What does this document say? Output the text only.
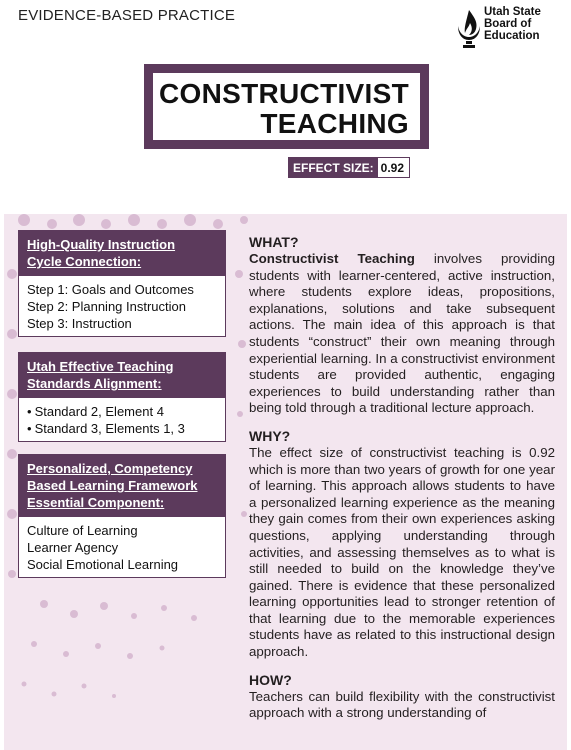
EVIDENCE-BASED PRACTICE	Utah State
Board of
Education
CONSTRUCTIVIST
TEACHING
EFFECT SIZE: 0.92
High-Quality Instruction
Cycle Connection:
Step 1: Goals and Outcomes
Step 2: Planning Instruction
Step 3: Instruction
Utah Effective Teaching
Standards Alignment:
• Standard 2, Element 4
• Standard 3, Elements 1, 3
Personalized, Competency
Based Learning Framework
Essential Component:
Culture of Learning
Learner Agency
Social Emotional Learning
WHAT?

Constructivist Teaching involves providing students with learner-centered, active instruction, where students explore ideas, propositions, explanations, solutions and take subsequent actions. The main idea of this approach is that students “construct” their own meaning through experiential learning. In a constructivist environment students are provided authentic, engaging experiences to build understanding rather than being told through a traditional lecture approach.

WHY?

The effect size of constructivist teaching is 0.92 which is more than two years of growth for one year of learning. This approach allows students to have a personalized learning experience as the meaning they gain comes from their own experiences asking questions, applying understanding through activities, and assessing themselves as to what is still needed to build on the knowledge they’ve gained. There is evidence that these personalized learning opportunities lead to stronger retention of that learning due to the memorable experiences students have as related to this instructional design approach.

HOW?

Teachers can build flexibility with the constructivist approach with a strong understanding of
